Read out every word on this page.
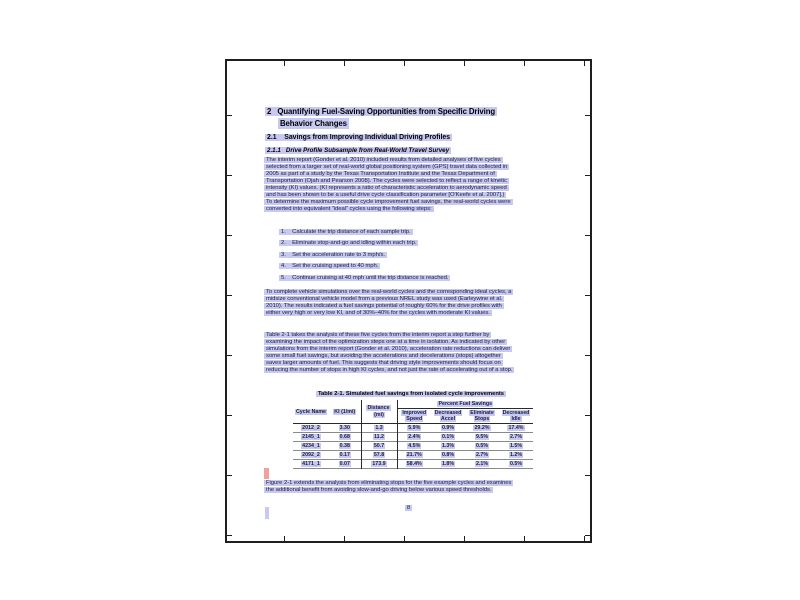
2   Quantifying Fuel-Saving Opportunities from Specific Driving
Behavior Changes
2.1    Savings from Improving Individual Driving Profiles
2.1.1   Drive Profile Subsample from Real-World Travel Survey
The interim report (Gonder et al. 2010) included results from detailed analyses of five cycles
selected from a larger set of real-world global positioning system (GPS) travel data collected in
2005 as part of a study by the Texas Transportation Institute and the Texas Department of
Transportation (Ojah and Pearson 2008). The cycles were selected to reflect a range of kinetic
intensity (KI) values. (KI represents a ratio of characteristic acceleration to aerodynamic speed
and has been shown to be a useful drive cycle classification parameter [O'Keefe et al. 2007].)
To determine the maximum possible cycle improvement fuel savings, the real-world cycles were
converted into equivalent “ideal” cycles using the following steps:
1.    Calculate the trip distance of each sample trip.
2.    Eliminate stop-and-go and idling within each trip.
3.    Set the acceleration rate to 3 mph/s.
4.    Set the cruising speed to 40 mph.
5.    Continue cruising at 40 mph until the trip distance is reached.
To complete vehicle simulations over the real-world cycles and the corresponding ideal cycles, a
midsize conventional vehicle model from a previous NREL study was used (Earleywine et al.
2010). The results indicated a fuel savings potential of roughly 60% for the drive profiles with
either very high or very low KI, and of 30%–40% for the cycles with moderate KI values.
Table 2-1 takes the analysis of these five cycles from the interim report a step further by
examining the impact of the optimization steps one at a time in isolation. As indicated by other
simulations from the interim report (Gonder et al. 2010), acceleration rate reductions can deliver
some small fuel savings, but avoiding the accelerations and decelerations (stops) altogether
saves larger amounts of fuel. This suggests that driving style improvements should focus on
reducing the number of stops in high KI cycles, and not just the rate of accelerating out of a stop.
Table 2-1. Simulated fuel savings from isolated cycle improvements
Cycle Name	KI (1/mi)	Distance (mi)	Percent Fuel Savings			
			Improved Speed	Decreased Accel	Eliminate Stops	Decreased Idle
2012_2	3.30	1.3	5.9%	0.9%	29.2%	17.4%
2145_1	0.68	11.2	2.4%	0.1%	9.5%	2.7%
4234_1	0.38	50.7	4.5%	1.3%	0.5%	1.5%
2092_2	0.17	57.8	21.7%	0.8%	2.7%	1.2%
4171_1	0.07	173.9	58.4%	1.8%	2.1%	0.5%
Figure 2-1 extends the analysis from eliminating stops for the five example cycles and examines
the additional benefit from avoiding slow-and-go driving below various speed thresholds.
8
